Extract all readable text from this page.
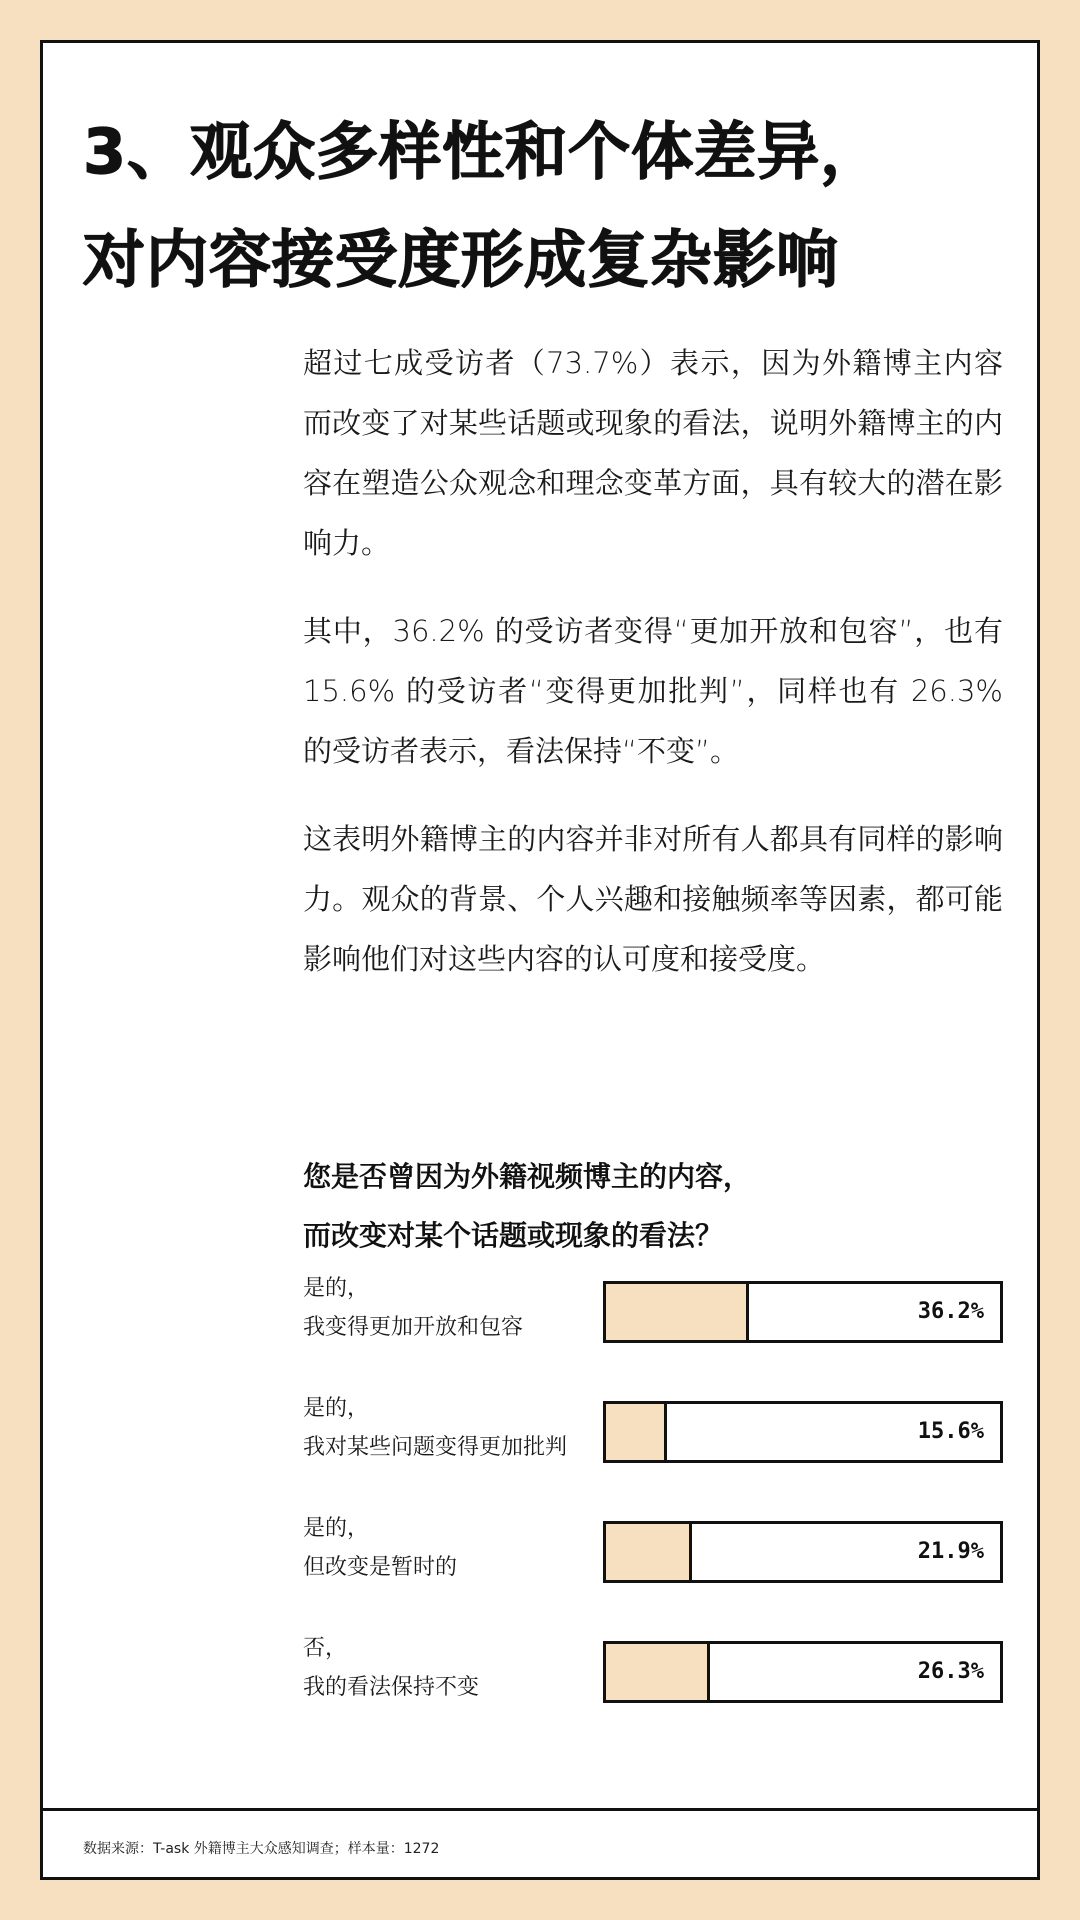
3、观众多样性和个体差异，
对内容接受度形成复杂影响

超过七成受访者（73.7%）表示，因为外籍博主内容而改变了对某些话题或现象的看法，说明外籍博主的内容在塑造公众观念和理念变革方面，具有较大的潜在影响力。

其中，36.2% 的受访者变得“更加开放和包容”，也有 15.6% 的受访者“变得更加批判”，同样也有 26.3% 的受访者表示，看法保持“不变”。

这表明外籍博主的内容并非对所有人都具有同样的影响力。观众的背景、个人兴趣和接触频率等因素，都可能影响他们对这些内容的认可度和接受度。

您是否曾因为外籍视频博主的内容，
而改变对某个话题或现象的看法？
是的，
我变得更加开放和包容
36.2%
是的，
我对某些问题变得更加批判
15.6%
是的，
但改变是暂时的
21.9%
否，
我的看法保持不变
26.3%
数据来源：T-ask 外籍博主大众感知调查；样本量：1272
